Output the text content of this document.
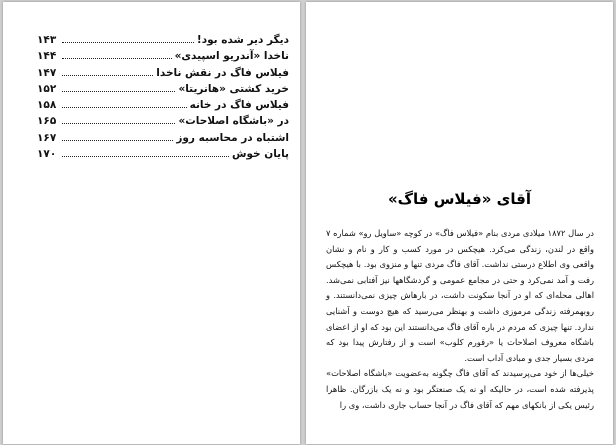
دیگر دیر شده بود!
۱۴۳
ناخدا «آندریو اسپیدی»
۱۴۴
فیلاس فاگ در نقش ناخدا
۱۴۷
خرید کشتی «هانریتا»
۱۵۲
فیلاس فاگ در خانه
۱۵۸
در «باشگاه اصلاحات»
۱۶۵
اشتباه در محاسبه روز
۱۶۷
پایان خوش
۱۷۰
آقای «فیلاس فاگ»

در سال ۱۸۷۲ میلادی مردی بنام «فیلاس فاگ» در کوچه «ساویل رو» شماره ۷ واقع در لندن، زندگی می‌کرد. هیچکس در مورد کسب و کار و نام و نشان واقعی وی اطلاع درستی نداشت. آقای فاگ مردی تنها و منزوی بود. با هیچکس رفت و آمد نمی‌کرد و حتی در مجامع عمومی و گردشگاهها نیز آفتابی نمی‌شد. اهالی محله‌ای که او در آنجا سکونت داشت، در بارهاش چیزی نمی‌دانستند. و روبهمرفته زندگی مرموزی داشت و بهنظر می‌رسید که هیچ دوست و آشنایی ندارد. تنها چیزی که مردم در باره آقای فاگ می‌دانستند این بود که او از اعضای باشگاه معروف اصلاحات یا «رفورم کلوب» است و از رفتارش پیدا بود که مردی بسیار جدی و مبادی آداب است.

خیلی‌ها از خود می‌پرسیدند که آقای فاگ چگونه به‌عضویت «باشگاه اصلاحات» پذیرفته شده است، در حالیکه او نه یک صنعتگر بود و نه یک بازرگان. ظاهرا رئیس یکی از بانکهای مهم که آقای فاگ در آنجا حساب جاری داشت، وی را
